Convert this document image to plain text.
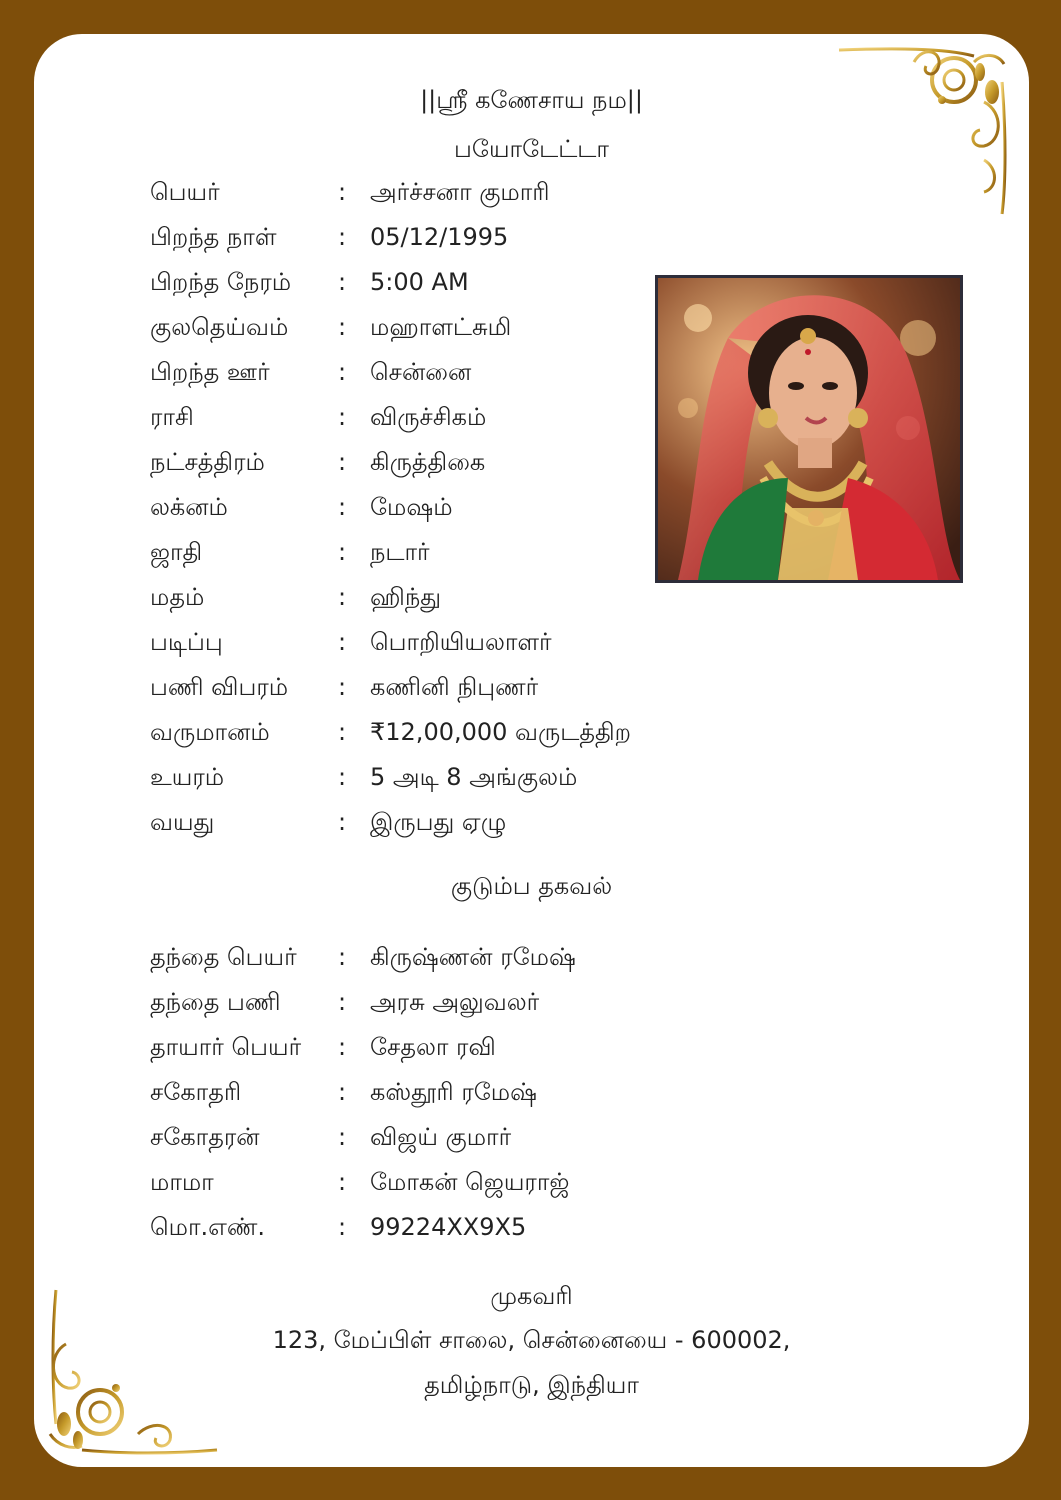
||ஸ்ரீ கணேசாய நம||
பயோடேட்டா
பெயர்	: அர்ச்சனா குமாரி
பிறந்த நாள்	: 05/12/1995
பிறந்த நேரம் : 5:00 AM
குலதெய்வம் : மஹாளட்சுமி
பிறந்த ஊர்	: சென்னை
ராசி	: விருச்சிகம்
நட்சத்திரம்	: கிருத்திகை
லக்னம்	: மேஷம்
ஜாதி	: நடார்
மதம்	: ஹிந்து
படிப்பு	: பொறியியலாளர்
பணி விபரம் : கணினி நிபுணர்
வருமானம்	: ₹12,00,000 வருடத்திற
உயரம்	: 5 அடி 8 அங்குலம்
வயது	: இருபது ஏழு
குடும்ப தகவல்
தந்தை பெயர் : கிருஷ்ணன் ரமேஷ்
தந்தை பணி : அரசு அலுவலர்
தாயார் பெயர் : சேதலா ரவி
சகோதரி	: கஸ்தூரி ரமேஷ்
சகோதரன்	: விஜய் குமார்
மாமா	: மோகன் ஜெயராஜ்
மொ.எண்.	: 99224XX9X5
முகவரி
123, மேப்பிள் சாலை, சென்னையை - 600002,
தமிழ்நாடு, இந்தியா
